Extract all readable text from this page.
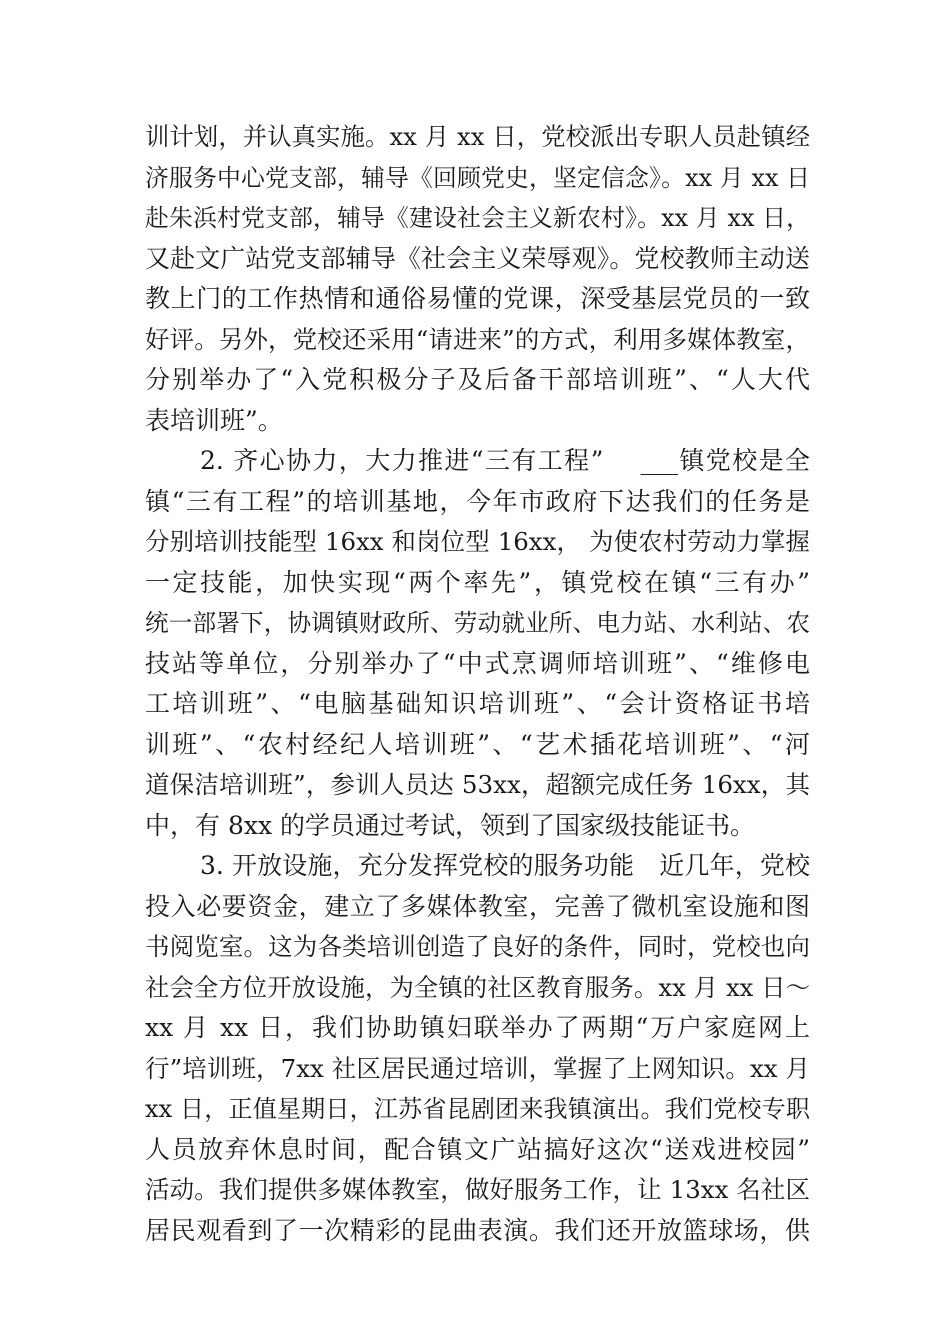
训计划，并认真实施。xx 月 xx 日，党校派出专职人员赴镇经
济服务中心党支部，辅导《回顾党史，坚定信念》。xx 月 xx 日
赴朱浜村党支部，辅导《建设社会主义新农村》。xx 月 xx 日，
又赴文广站党支部辅导《社会主义荣辱观》。党校教师主动送
教上门的工作热情和通俗易懂的党课，深受基层党员的一致
好评。另外，党校还采用“请进来”的方式，利用多媒体教室，
分别举办了“入党积极分子及后备干部培训班”、“人大代
表培训班”。
2. 齐心协力，大力推进“三有工程”　 ___镇党校是全
镇“三有工程”的培训基地，今年市政府下达我们的任务是
分别培训技能型 16xx 和岗位型 16xx， 为使农村劳动力掌握
一定技能，加快实现“两个率先”，镇党校在镇“三有办”
统一部署下，协调镇财政所、劳动就业所、电力站、水利站、农
技站等单位，分别举办了“中式烹调师培训班”、“维修电
工培训班”、“电脑基础知识培训班”、“会计资格证书培
训班”、“农村经纪人培训班”、“艺术插花培训班”、“河
道保洁培训班”，参训人员达 53xx，超额完成任务 16xx，其
中，有 8xx 的学员通过考试，领到了国家级技能证书。
3. 开放设施，充分发挥党校的服务功能　近几年，党校
投入必要资金，建立了多媒体教室，完善了微机室设施和图
书阅览室。这为各类培训创造了良好的条件，同时，党校也向
社会全方位开放设施，为全镇的社区教育服务。xx 月 xx 日～
xx 月 xx 日，我们协助镇妇联举办了两期“万户家庭网上
行”培训班，7xx 社区居民通过培训，掌握了上网知识。xx 月
xx 日，正值星期日，江苏省昆剧团来我镇演出。我们党校专职
人员放弃休息时间，配合镇文广站搞好这次“送戏进校园”
活动。我们提供多媒体教室，做好服务工作，让 13xx 名社区
居民观看到了一次精彩的昆曲表演。我们还开放篮球场，供
